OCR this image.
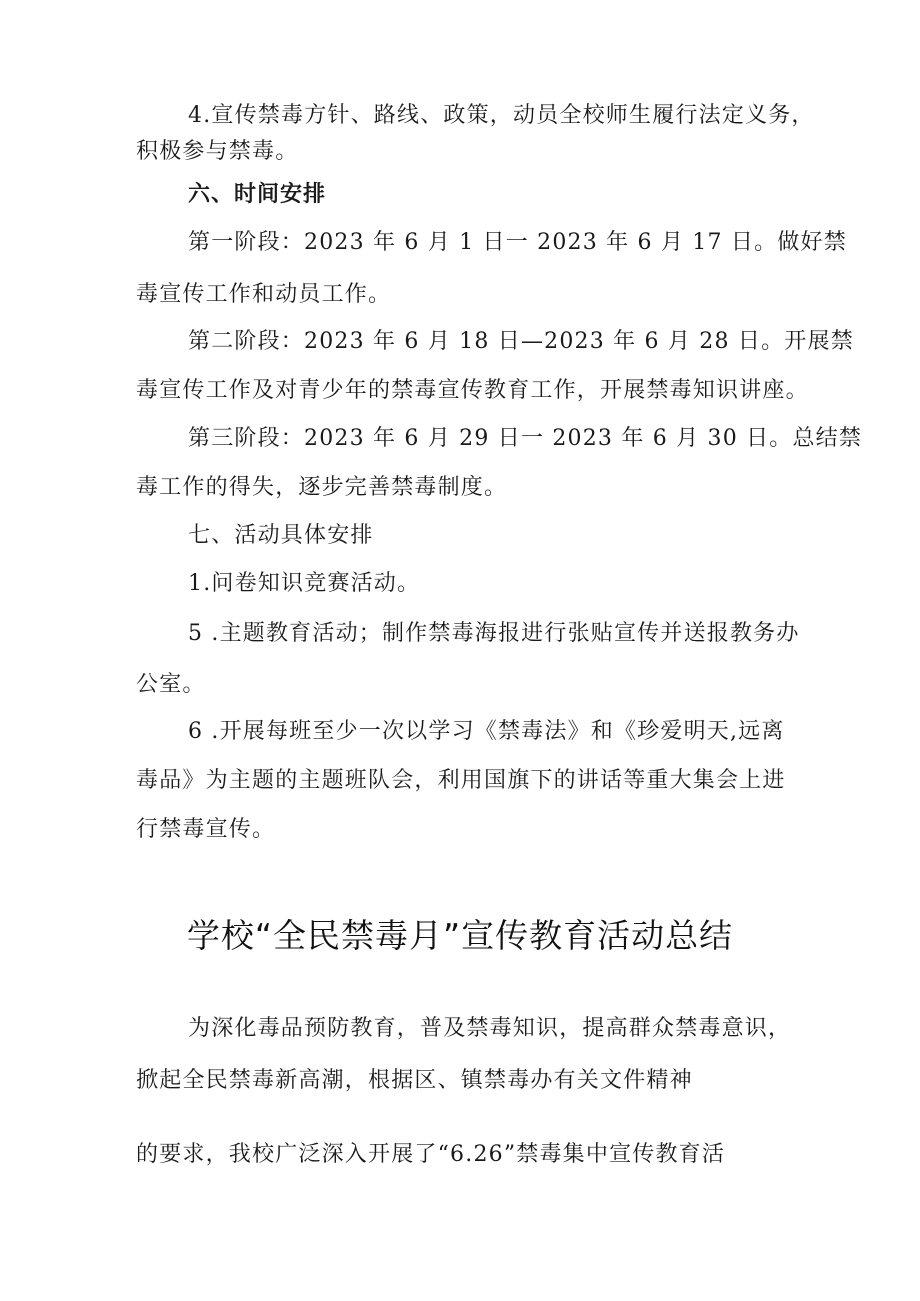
4.宣传禁毒方针、路线、政策，动员全校师生履行法定义务，
积极参与禁毒。
六、时间安排
第一阶段：2023 年 6 月 1 日一 2023 年 6 月 17 日。做好禁
毒宣传工作和动员工作。
第二阶段：2023 年 6 月 18 日—2023 年 6 月 28 日。开展禁
毒宣传工作及对青少年的禁毒宣传教育工作，开展禁毒知识讲座。
第三阶段：2023 年 6 月 29 日一 2023 年 6 月 30 日。总结禁
毒工作的得失，逐步完善禁毒制度。
七、活动具体安排
1.问卷知识竞赛活动。
5 .主题教育活动；制作禁毒海报进行张贴宣传并送报教务办
公室。
6 .开展每班至少一次以学习《禁毒法》和《珍爱明天,远离
毒品》为主题的主题班队会，利用国旗下的讲话等重大集会上进
行禁毒宣传。
学校“全民禁毒月”宣传教育活动总结
为深化毒品预防教育，普及禁毒知识，提高群众禁毒意识，
掀起全民禁毒新高潮，根据区、镇禁毒办有关文件精神
的要求，我校广泛深入开展了“6.26”禁毒集中宣传教育活
